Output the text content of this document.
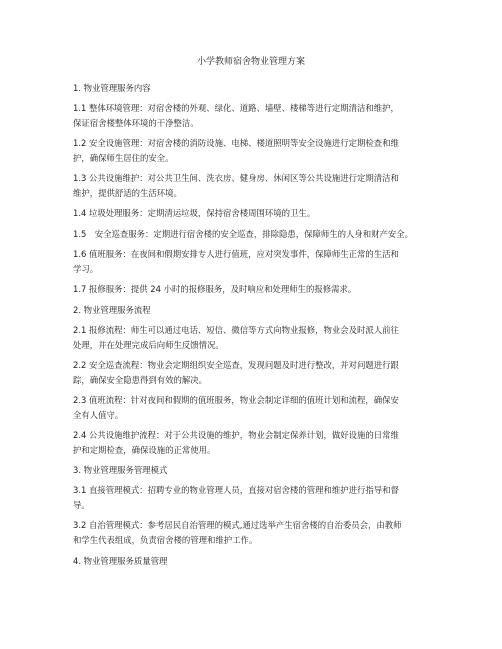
小学教师宿舍物业管理方案
1. 物业管理服务内容
1.1 整体环境管理：对宿舍楼的外观、绿化、道路、墙壁、楼梯等进行定期清洁和维护，
保证宿舍楼整体环境的干净整洁。
1.2 安全设施管理：对宿舍楼的消防设施、电梯、楼道照明等安全设施进行定期检查和维
护，确保师生居住的安全。
1.3 公共设施维护：对公共卫生间、洗衣房、健身房、休闲区等公共设施进行定期清洁和
维护，提供舒适的生活环境。
1.4 垃圾处理服务：定期清运垃圾，保持宿舍楼周围环境的卫生。
1.5　安全巡查服务：定期进行宿舍楼的安全巡查，排除隐患，保障师生的人身和财产安全。
1.6 值班服务：在夜间和假期安排专人进行值班，应对突发事件，保障师生正常的生活和
学习。
1.7 报修服务：提供 24 小时的报修服务，及时响应和处理师生的报修需求。
2. 物业管理服务流程
2.1 报修流程：师生可以通过电话、短信、微信等方式向物业报修，物业会及时派人前往
处理，并在处理完成后向师生反馈情况。
2.2 安全巡查流程：物业会定期组织安全巡查，发现问题及时进行整改，并对问题进行跟
踪，确保安全隐患得到有效的解决。
2.3 值班流程：针对夜间和假期的值班服务，物业会制定详细的值班计划和流程，确保安
全有人值守。
2.4 公共设施维护流程：对于公共设施的维护，物业会制定保养计划，做好设施的日常维
护和定期检查，确保设施的正常使用。
3. 物业管理服务管理模式
3.1 直接管理模式：招聘专业的物业管理人员，直接对宿舍楼的管理和维护进行指导和督
导。
3.2 自治管理模式：参考居民自治管理的模式,通过选举产生宿舍楼的自治委员会，由教师
和学生代表组成，负责宿舍楼的管理和维护工作。
4. 物业管理服务质量管理
